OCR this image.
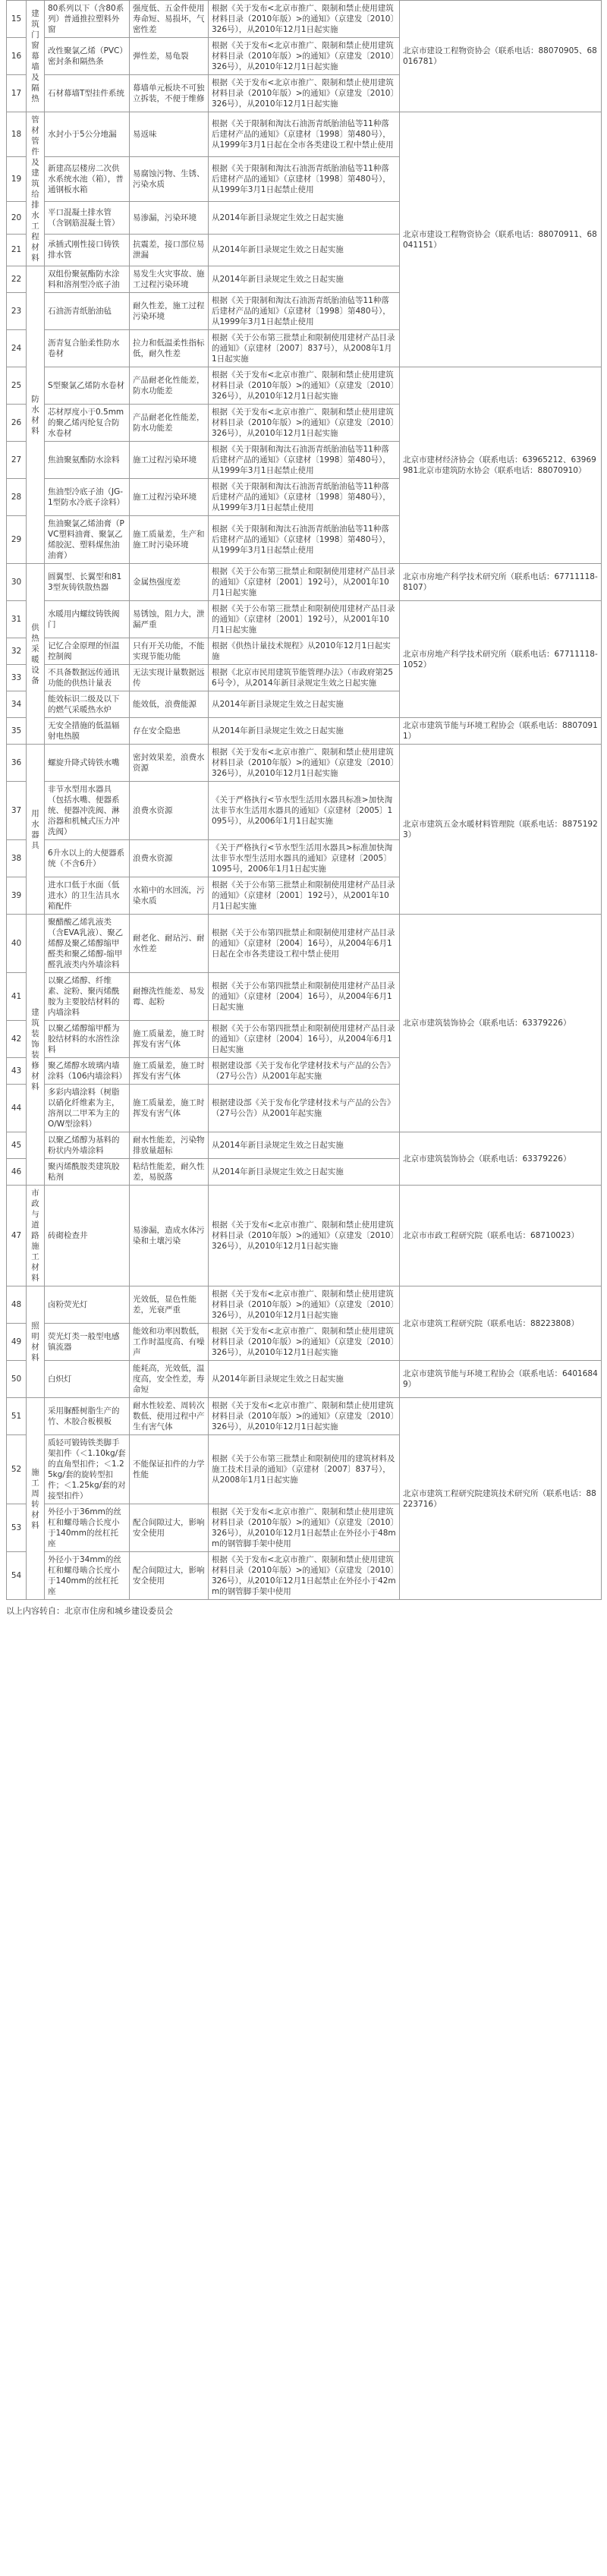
15	建筑门窗幕墙及隔热	80系列以下（含80系列）普通推拉塑料外窗	强度低、五金件使用寿命短、易损坏，气密性差	根据《关于发布<北京市推广、限制和禁止使用建筑材料目录（2010年版）>的通知》（京建发〔2010〕326号），从2010年12月1日起实施	北京市建设工程物资协会（联系电话：88070905、68016781）
16		改性聚氯乙烯（PVC）密封条和隔热条	弹性差，易龟裂	根据《关于发布<北京市推广、限制和禁止使用建筑材料目录（2010年版）>的通知》（京建发〔2010〕326号），从2010年12月1日起实施	
17		石材幕墙T型挂件系统	幕墙单元板块不可独立拆装，不便于维修	根据《关于发布<北京市推广、限制和禁止使用建筑材料目录（2010年版）>的通知》（京建发〔2010〕326号），从2010年12月1日起实施	
18	管材管件及建筑给排水工程材料	水封小于5公分地漏	易返味	根据《关于限制和淘汰石油沥青纸胎油毡等11种落后建材产品的通知》（京建材〔1998〕第480号），从1999年3月1日起在全市各类建设工程中禁止使用	北京市建设工程物资协会（联系电话：88070911、68041151）
19		新建高层楼房二次供水系统水池（箱），普通钢板水箱	易腐蚀污物、生锈、污染水质	根据《关于限制和淘汰石油沥青纸胎油毡等11种落后建材产品的通知》（京建材〔1998〕第480号），从1999年3月1日起禁止使用	
20		平口混凝土排水管（含钢筋混凝土管）	易渗漏，污染环境	从2014年新目录规定生效之日起实施	
21		承插式刚性接口铸铁排水管	抗震差，接口部位易泄漏	从2014年新目录规定生效之日起实施	
22	防水材料	双组份聚氨酯防水涂料和溶剂型冷底子油	易发生火灾事故、施工过程污染环境	从2014年新目录规定生效之日起实施	
23		石油沥青纸胎油毡	耐久性差，施工过程污染环境	根据《关于限制和淘汰石油沥青纸胎油毡等11种落后建材产品的通知》（京建材〔1998〕第480号），从1999年3月1日起禁止使用	
24		沥青复合胎柔性防水卷材	拉力和低温柔性指标低，耐久性差	根据《关于公布第三批禁止和限制使用建材产品目录的通知》（京建材〔2007〕837号），从2008年1月1日起实施	
25		S型聚氯乙烯防水卷材	产品耐老化性能差，防水功能差	根据《关于发布<北京市推广、限制和禁止使用建筑材料目录（2010年版）>的通知》（京建发〔2010〕326号），从2010年12月1日起实施	北京市建材经济协会（联系电话：63965212、63969981北京市建筑防水协会（联系电话：88070910）
26		芯材厚度小于0.5mm的聚乙烯丙纶复合防水卷材	产品耐老化性能差，防水功能差	根据《关于发布<北京市推广、限制和禁止使用建筑材料目录（2010年版）>的通知》（京建发〔2010〕326号），从2010年12月1日起实施	
27		焦油聚氨酯防水涂料	施工过程污染环境	根据《关于限制和淘汰石油沥青纸胎油毡等11种落后建材产品的通知》（京建材〔1998〕第480号），从1999年3月1日起禁止使用	
28		焦油型冷底子油（JG-1型防水冷底子涂料）	施工过程污染环境	根据《关于限制和淘汰石油沥青纸胎油毡等11种落后建材产品的通知》（京建材〔1998〕第480号），从1999年3月1日起禁止使用	
29		焦油聚氯乙烯油膏（PVC塑料油膏、聚氯乙烯胶泥、塑料煤焦油油膏）	施工质量差，生产和施工时污染环境	根据《关于限制和淘汰石油沥青纸胎油毡等11种落后建材产品的通知》（京建材〔1998〕第480号），从1999年3月1日起禁止使用	
30	供热采暖设备	圆翼型、长翼型和813型灰铸铁散热器	金属热强度差	根据《关于公布第三批禁止和限制使用建材产品目录的通知》（京建材〔2001〕192号），从2001年10月1日起实施	北京市房地产科学技术研究所（联系电话：67711118-8107）
31		水暖用内螺纹铸铁阀门	易锈蚀，阻力大，泄漏严重	根据《关于公布第三批禁止和限制使用建材产品目录的通知》（京建材〔2001〕192号），从2001年10月1日起实施	北京市房地产科学技术研究所（联系电话：67711118-1052）
32		记忆合金原理的恒温控制阀	只有开关功能，不能实现节能功能	根据《供热计量技术规程》从2010年12月1日起实施	
33		不具备数据远传通讯功能的供热计量表	无法实现计量数据远传	根据《北京市民用建筑节能管理办法》（市政府第256号令），从2014年新目录规定生效之日起实施	
34		能效标识二级及以下的燃气采暖热水炉	能效低，浪费能源	从2014年新目录规定生效之日起实施	
35		无安全措施的低温辐射电热膜	存在安全隐患	从2014年新目录规定生效之日起实施	北京市建筑节能与环境工程协会（联系电话：88070911）
36	用水器具	螺旋升降式铸铁水嘴	密封效果差，浪费水资源	根据《关于发布<北京市推广、限制和禁止使用建筑材料目录（2010年版）>的通知》（京建发〔2010〕326号），从2010年12月1日起实施	北京市建筑五金水暖材料管理院（联系电话：88751923）
37		非节水型用水器具（包括水嘴、便器系统、便器冲洗阀、淋浴器和机械式压力冲洗阀）	浪费水资源	《关于严格执行<节水型生活用水器具标准>加快淘汰非节水生活用水器具的通知》（京建材〔2005〕1095号），从2006年1月1日起实施	
38		6升水以上的大便器系统（不含6升）	浪费水资源	《关于严格执行<节水型生活用水器具>标准加快淘汰非节水型生活用水器具的通知》京建材〔2005〕1095号，2006年1月1日起实施	
39		进水口低于水面（低进水）的卫生洁具水箱配件	水箱中的水回流，污染水质	根据《关于公布第三批禁止和限制使用建材产品目录的通知》（京建材〔2001〕192号），从2001年10月1日起实施	
40	建筑装饰装修材料	聚醋酸乙烯乳液类（含EVA乳液）、聚乙烯醇及聚乙烯醇缩甲醛类和聚乙烯醇-缩甲醛乳液类内外墙涂料	耐老化、耐玷污、耐水性差	根据《关于公布第四批禁止和限制使用建材产品目录的通知》（京建材〔2004〕16号），从2004年6月1日起在全市各类建设工程中禁止使用	北京市建筑装饰协会（联系电话：63379226）
41		以聚乙烯醇、纤维素、淀粉、聚丙烯酰胺为主要胶结材料的内墙涂料	耐擦洗性能差、易发霉、起粉	根据《关于公布第四批禁止和限制使用建材产品目录的通知》（京建材〔2004〕16号），从2004年6月1日起实施	
42		以聚乙烯醇缩甲醛为胶结材料的水溶性涂料	施工质量差，施工时挥发有害气体	根据《关于公布第四批禁止和限制使用建材产品目录的通知》（京建材〔2004〕16号），从2004年6月1日起实施	
43		聚乙烯醇水玻璃内墙涂料（106内墙涂料）	施工质量差，施工时挥发有害气体	根据建设部《关于发布化学建材技术与产品的公告》（27号公告）从2001年起实施	
44		多彩内墙涂料（树脂以硝化纤维素为主，溶剂以二甲苯为主的O/W型涂料）	施工质量差，施工时挥发有害气体	根据建设部《关于发布化学建材技术与产品的公告》（27号公告）从2001年起实施	
45		以聚乙烯醇为基料的粉状内外墙涂料	耐水性能差，污染物排放量超标	从2014年新目录规定生效之日起实施	北京市建筑装饰协会（联系电话：63379226）
46		聚丙烯酰胺类建筑胶粘剂	粘结性能差，耐久性差，易脱落	从2014年新目录规定生效之日起实施	
47	市政与道路施工材料	砖砌检查井	易渗漏，造成水体污染和土壤污染	根据《关于发布<北京市推广、限制和禁止使用建筑材料目录（2010年版）>的通知》（京建发〔2010〕326号），从2010年12月1日起实施	北京市市政工程研究院（联系电话：68710023）
48	照明材料	卤粉荧光灯	光效低，显色性能差，光衰严重	根据《关于发布<北京市推广、限制和禁止使用建筑材料目录（2010年版）>的通知》（京建发〔2010〕326号），从2010年12月1日起实施	北京市建筑工程研究院（联系电话：88223808）
49		荧光灯类一般型电感镇流器	能效和功率因数低，工作时温度高、有噪声	根据《关于发布<北京市推广、限制和禁止使用建筑材料目录（2010年版）>的通知》（京建发〔2010〕326号），从2010年12月1日起实施	
50		白炽灯	能耗高，光效低，温度高，安全性差，寿命短	从2014年新目录规定生效之日起实施	北京市建筑节能与环境工程协会（联系电话：64016849）
51	施工周转材料	采用脲醛树脂生产的竹、木胶合板模板	耐水性较差、周转次数低、使用过程中产生有害气体	根据《关于发布<北京市推广、限制和禁止使用建筑材料目录（2010年版）>的通知》（京建发〔2010〕326号），从2010年12月1日起实施	北京市建筑工程研究院建筑技术研究所（联系电话：88223716）
52		质轻可锻铸铁类脚手架扣件（＜1.10kg/套的直角型扣件；＜1.25kg/套的旋转型扣件；＜1.25kg/套的对接型扣件）	不能保证扣件的力学性能	根据《关于公布第三批禁止和限制使用的建筑材料及施工技术目录的通知》（京建材〔2007〕837号），从2008年1月1日起实施	
53		外径小于36mm的丝杠和螺母啮合长度小于140mm的丝杠托座	配合间隙过大，影响安全使用	根据《关于发布<北京市推广、限制和禁止使用建筑材料目录（2010年版）>的通知》（京建发〔2010〕326号），从2010年12月1日起禁止在外径小于48mm的钢管脚手架中使用	
54		外径小于34mm的丝杠和螺母啮合长度小于140mm的丝杠托座	配合间隙过大，影响安全使用	根据《关于发布<北京市推广、限制和禁止使用建筑材料目录（2010年版）>的通知》（京建发〔2010〕326号），从2010年12月1日起禁止在外径小于42mm的钢管脚手架中使用	
以上内容转自：北京市住房和城乡建设委员会
